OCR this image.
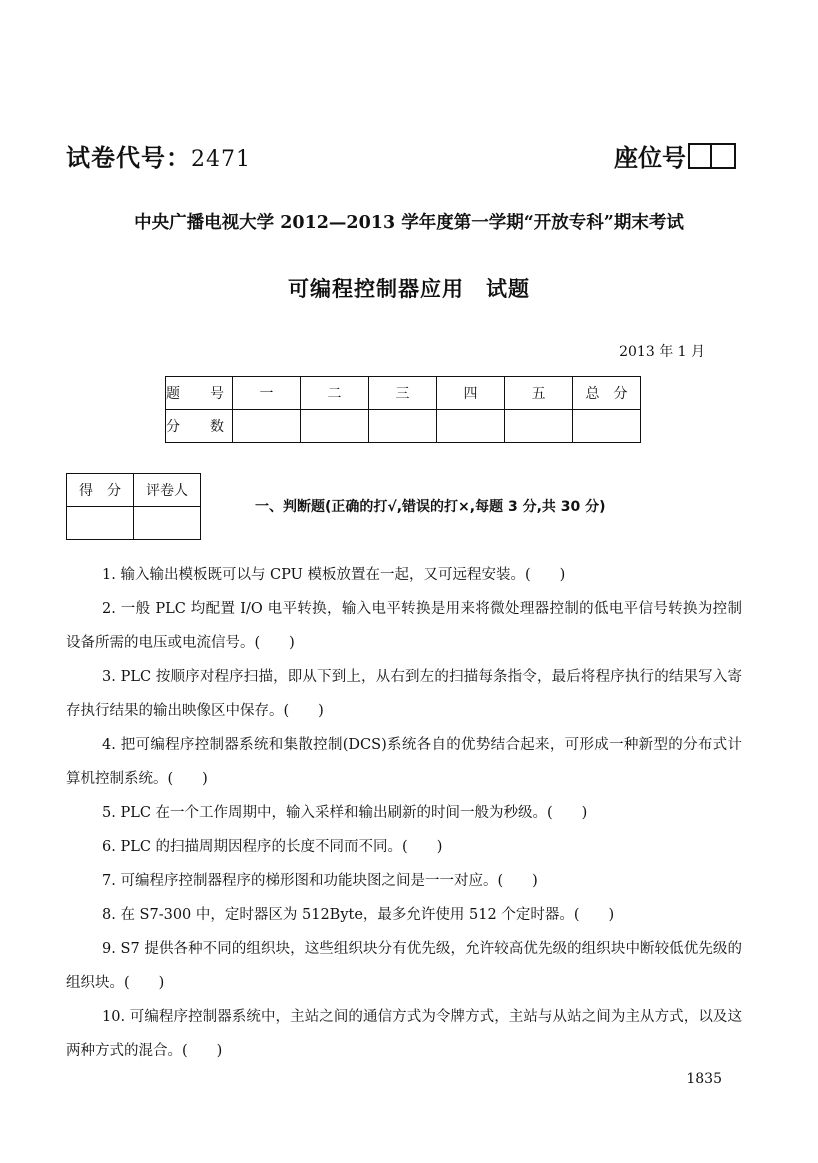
试卷代号：2471	座位号
中央广播电视大学 2012—2013 学年度第一学期“开放专科”期末考试
可编程控制器应用　试题
2013 年 1 月
题　号	一	二	三	四	五	总　分
分　数						
得　分	评卷人

一、判断题(正确的打√,错误的打×,每题 3 分,共 30 分)

1. 输入输出模板既可以与 CPU 模板放置在一起，又可远程安装。(　　)

2. 一般 PLC 均配置 I/O 电平转换，输入电平转换是用来将微处理器控制的低电平信号转换为控制设备所需的电压或电流信号。(　　)

3. PLC 按顺序对程序扫描，即从下到上，从右到左的扫描每条指令，最后将程序执行的结果写入寄存执行结果的输出映像区中保存。(　　)

4. 把可编程序控制器系统和集散控制(DCS)系统各自的优势结合起来，可形成一种新型的分布式计算机控制系统。(　　)

5. PLC 在一个工作周期中，输入采样和输出刷新的时间一般为秒级。(　　)

6. PLC 的扫描周期因程序的长度不同而不同。(　　)

7. 可编程序控制器程序的梯形图和功能块图之间是一一对应。(　　)

8. 在 S7-300 中，定时器区为 512Byte，最多允许使用 512 个定时器。(　　)

9. S7 提供各种不同的组织块，这些组织块分有优先级，允许较高优先级的组织块中断较低优先级的组织块。(　　)

10. 可编程序控制器系统中，主站之间的通信方式为令牌方式，主站与从站之间为主从方式，以及这两种方式的混合。(　　)

1835
